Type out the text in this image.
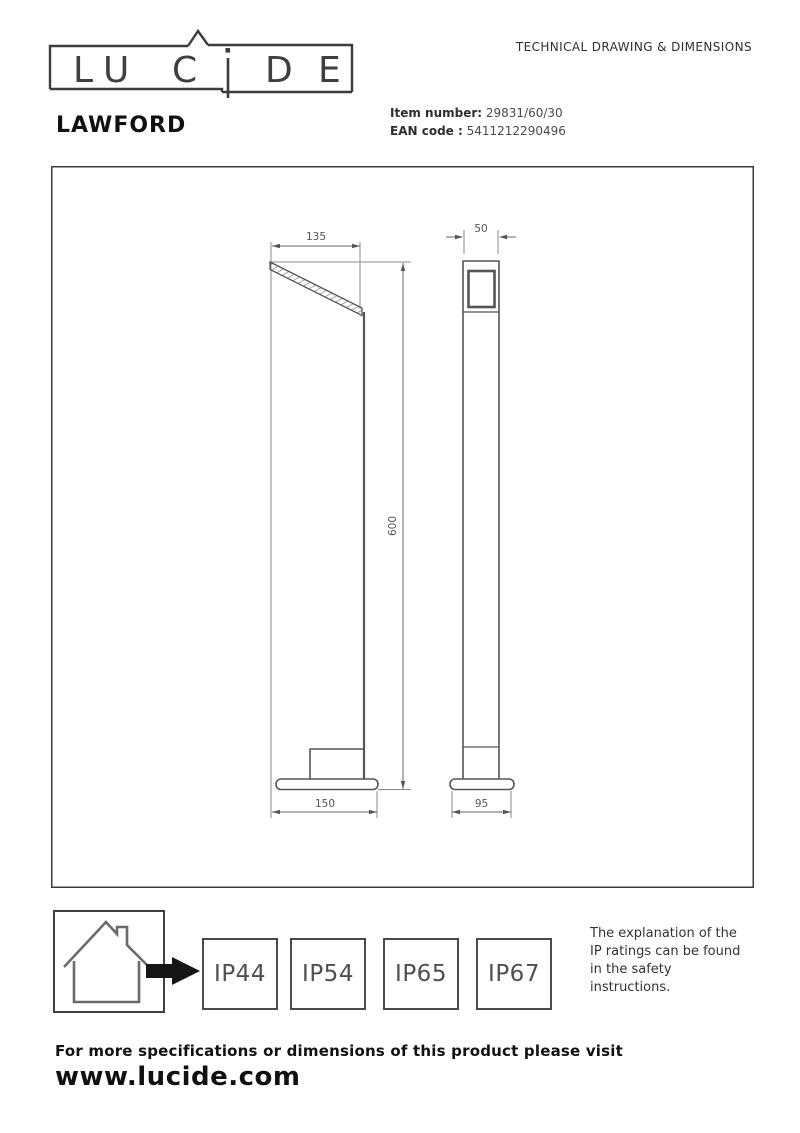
L U C D E
TECHNICAL DRAWING & DIMENSIONS
LAWFORD	Item number: 29831/60/30
EAN code : 5411212290496
135
50
600
150	95
IP44	IP54	IP65	IP67
The explanation of the IP ratings can be found in the safety instructions.
For more specifications or dimensions of this product please visit
www.lucide.com
